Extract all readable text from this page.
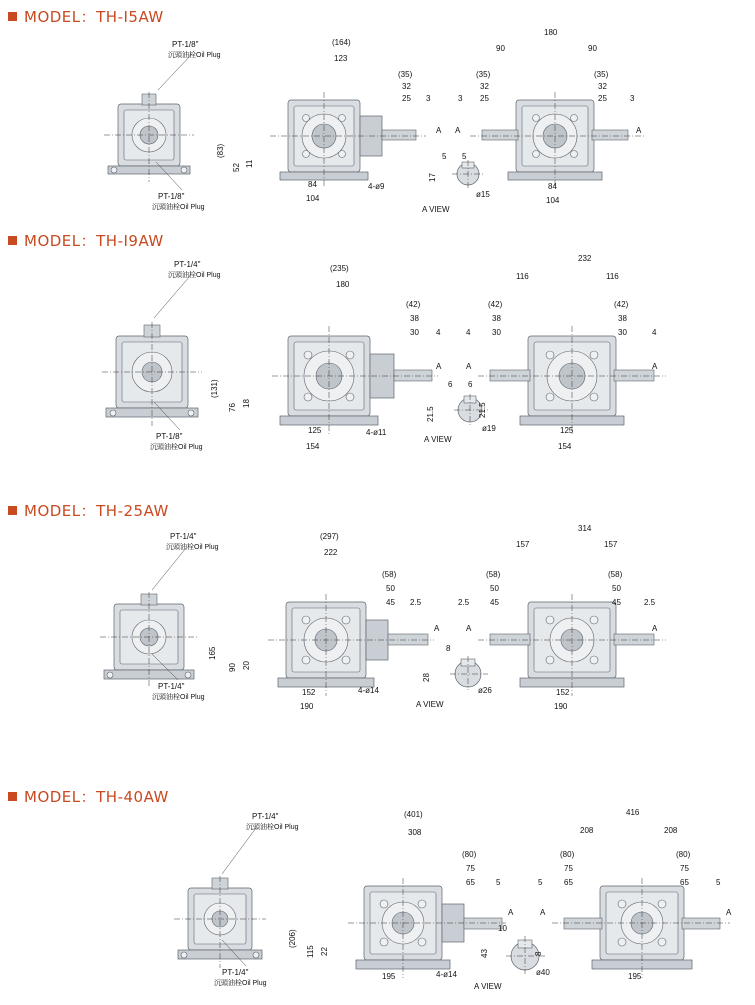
MODEL：TH-I5AW
PT-1/8"
沉頭油栓Oil Plug
PT-1/8"
沉頭油栓Oil Plug
(83)
52 11
(164)
123
(35)
32
25 3
84
104
4-ø9
A
180
90	90
(35)
32
25
3
(35)
32
25	3
84
104
A	A
A VIEW
17
5 5
ø15
MODEL：TH-I9AW
PT-1/4"
沉頭油栓Oil Plug
PT-1/8"
沉頭油栓Oil Plug
(131)
76 18
(235)
180
(42)
38
30 4
125
154
4-ø11
A
232
116	116
(42)
38
30
4
(42)
38
30	4
125
154
A	A
A VIEW
21.5	21.5
6 6
ø19
MODEL：TH-25AW
PT-1/4"
沉頭油栓Oil Plug
PT-1/4"
沉頭油栓Oil Plug
165
90 20
(297)
222
(58)
50
45 2.5
152
190
4-ø14
A
314
157	157
(58)
50
45
2.5
(58)
50
45	2.5
152
190
A	A
A VIEW
28
8
ø26
MODEL：TH-40AW
PT-1/4"
沉頭油栓Oil Plug
PT-1/4"
沉頭油栓Oil Plug
(206)
115 22
(401)
308
(80)
75
65	5
195	4-ø14
A
416
208	208
(80)
75
65
5
(80)
75
65	5
195
A	A
A VIEW
43
10
8
ø40
